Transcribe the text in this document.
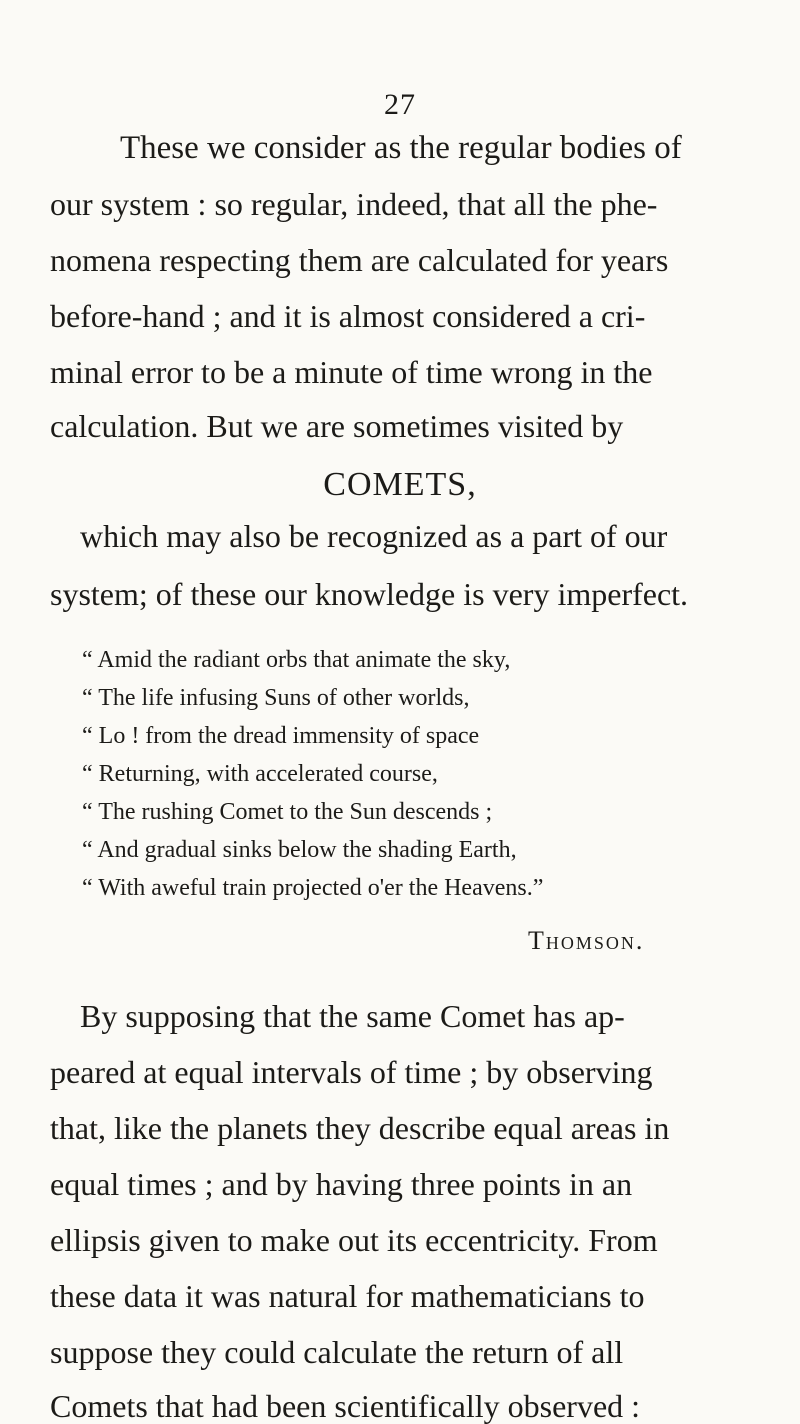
27
These we consider as the regular bodies of
our system : so regular, indeed, that all the phe-
nomena respecting them are calculated for years
before-hand ; and it is almost considered a cri-
minal error to be a minute of time wrong in the
calculation. But we are sometimes visited by
COMETS,
which may also be recognized as a part of our
system; of these our knowledge is very imperfect.
“ Amid the radiant orbs that animate the sky,
“ The life infusing Suns of other worlds,
“ Lo ! from the dread immensity of space
“ Returning, with accelerated course,
“ The rushing Comet to the Sun descends ;
“ And gradual sinks below the shading Earth,
“ With aweful train projected o'er the Heavens.”
Thomson.
By supposing that the same Comet has ap-
peared at equal intervals of time ; by observing
that, like the planets they describe equal areas in
equal times ; and by having three points in an
ellipsis given to make out its eccentricity. From
these data it was natural for mathematicians to
suppose they could calculate the return of all
Comets that had been scientifically observed :
